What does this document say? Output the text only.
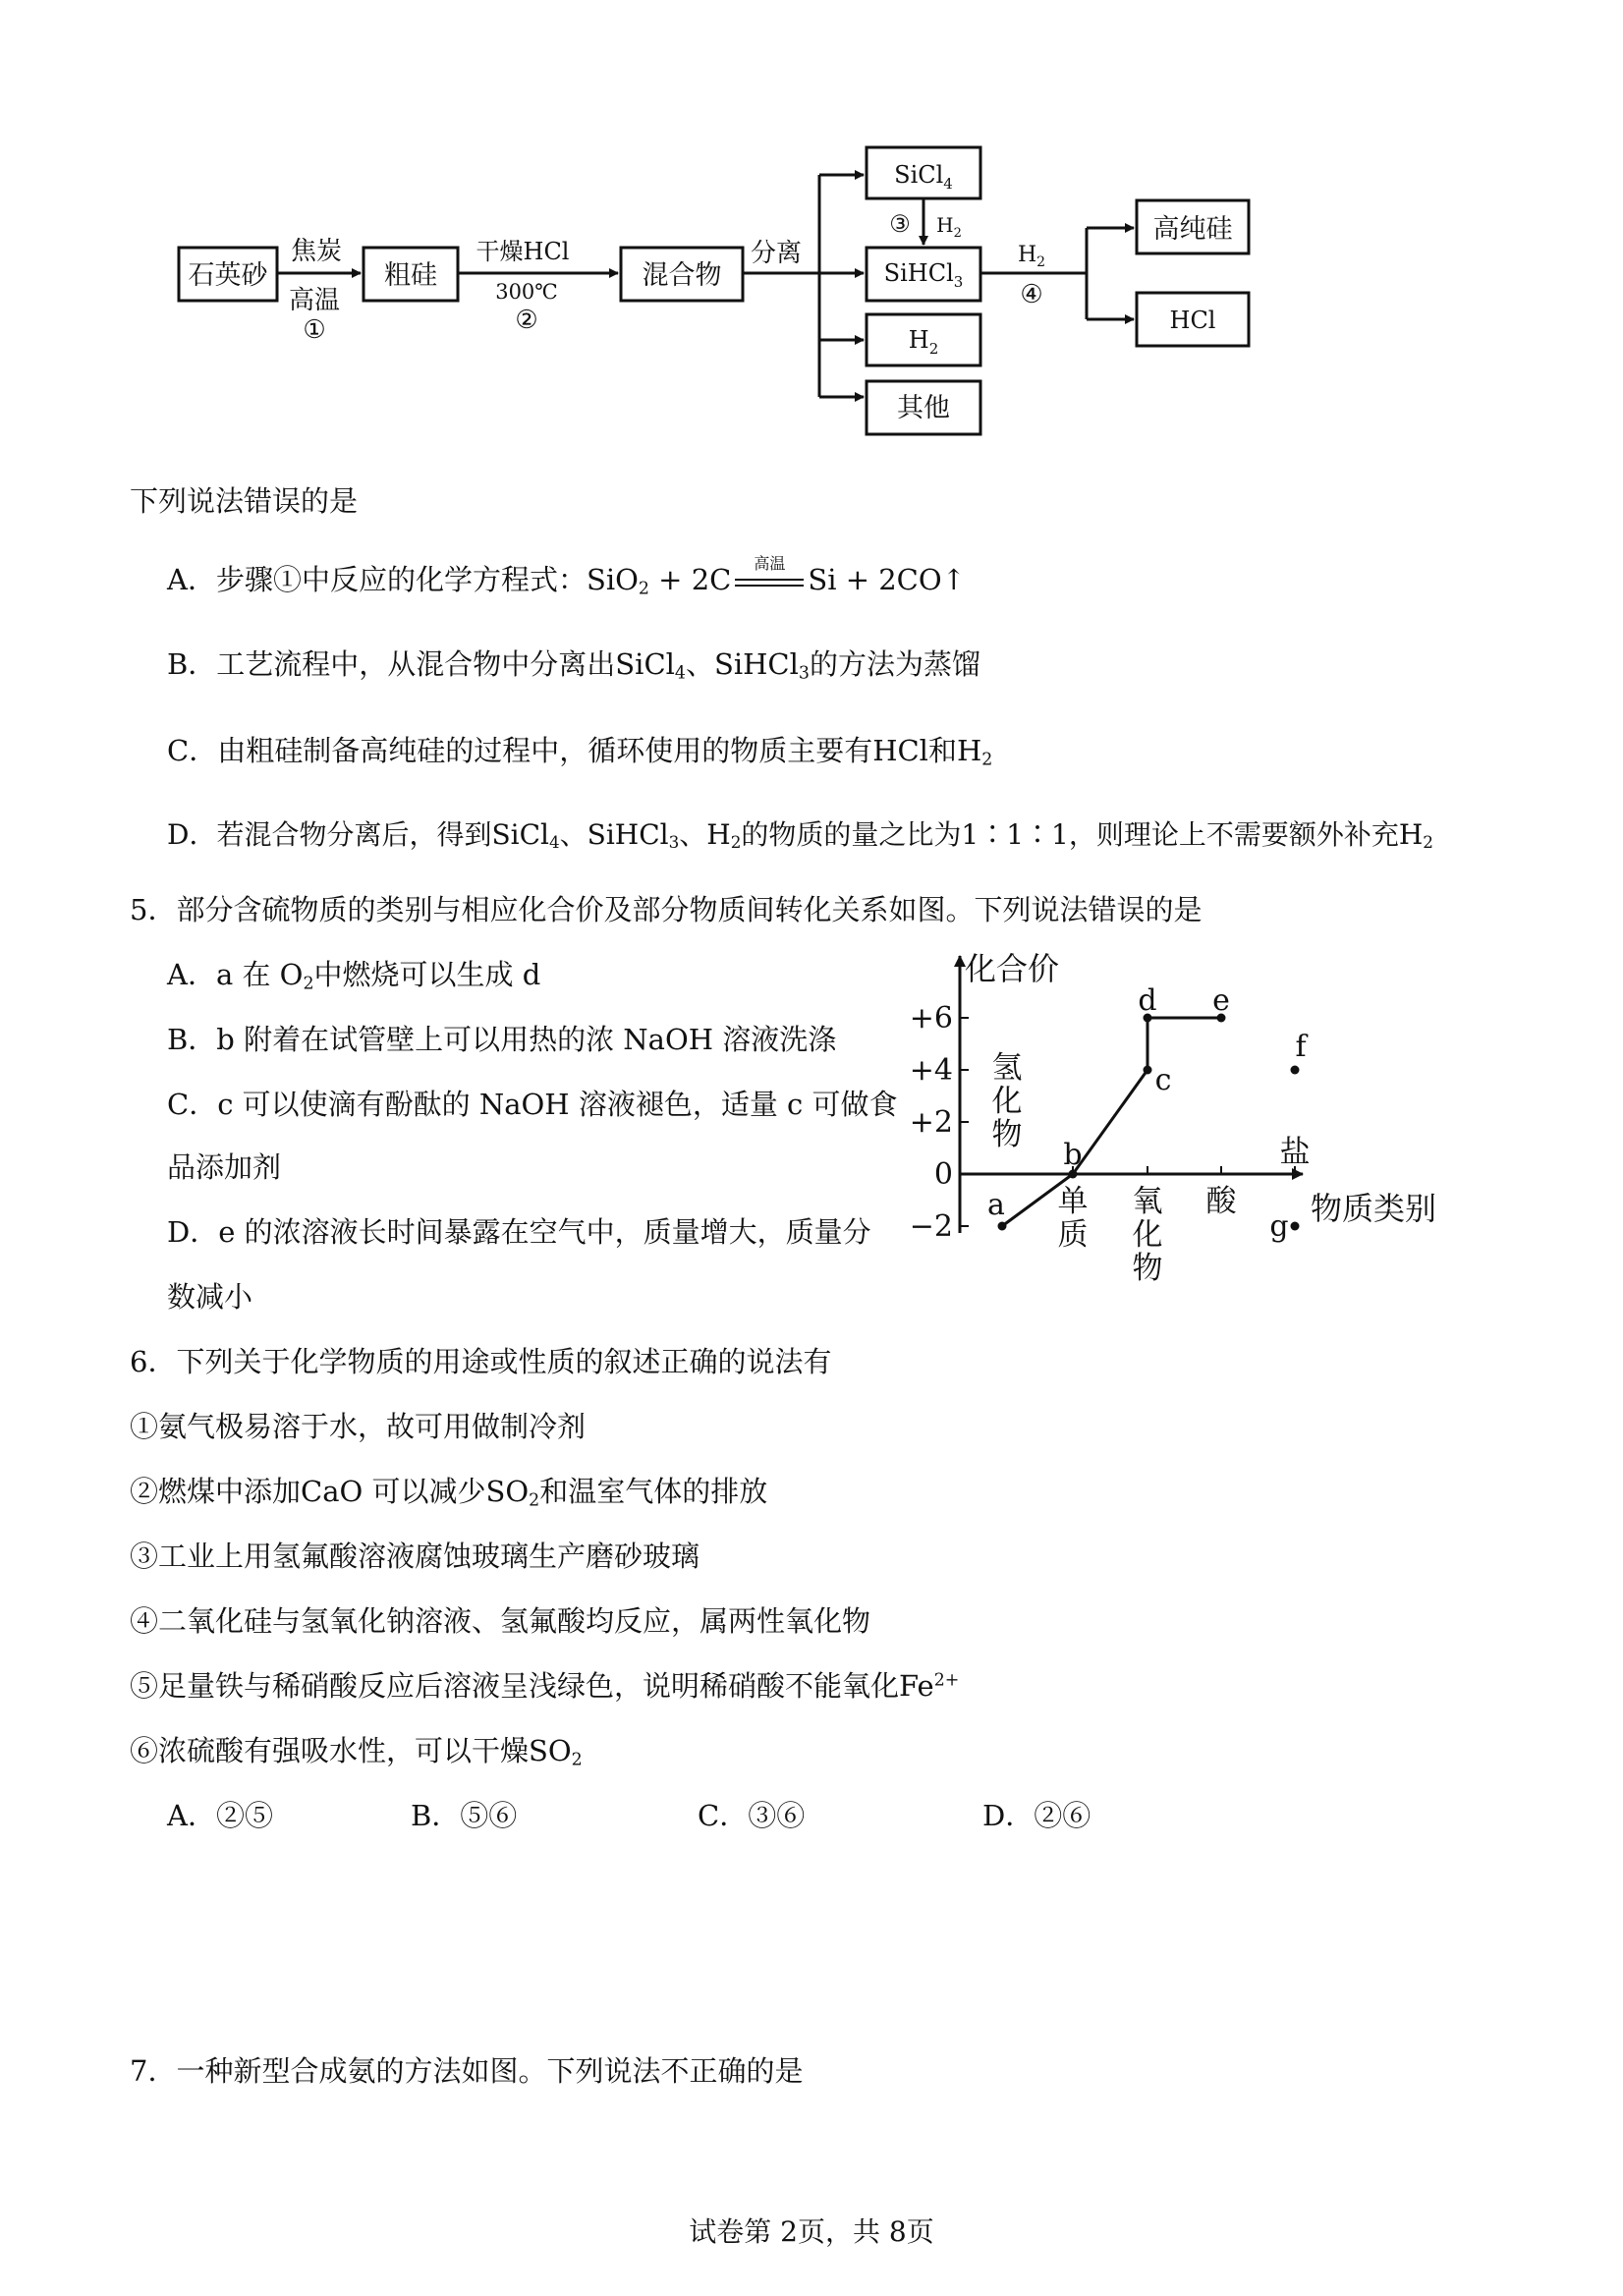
石英砂	粗硅	混合物
SiCl$_4$
SiHCl$_3$
$H_2$
其他
高纯硅
HCl
焦炭
高温
①
干燥HCl
300℃
②
分离
③ $H_2$
$H_2$
④
下列说法错误的是
A．步骤①中反应的化学方程式：SiO$_2$ + 2C	高温 Si + 2CO↑
B．工艺流程中，从混合物中分离出SiCl$_4$、SiHCl$_3$的方法为蒸馏
C．由粗硅制备高纯硅的过程中，循环使用的物质主要有HCl和$H_2$
D．若混合物分离后，得到SiCl$_4$、SiHCl$_3$、$H_2$的物质的量之比为1∶1∶1，则理论上不需要额外补充$H_2$
5．部分含硫物质的类别与相应化合价及部分物质间转化关系如图。下列说法错误的是
A．a 在 $O_2$中燃烧可以生成 d
B．b 附着在试管壁上可以用热的浓 NaOH 溶液洗涤
C．c 可以使滴有酚酞的 NaOH 溶液褪色，适量 c 可做食
品添加剂
D．e 的浓溶液长时间暴露在空气中，质量增大，质量分
数减小
化合价
物质类别
+6
+4
+2
0
−2
氢
化
物
单
质
氧
化
物
酸
盐
a
b
c
d e
f
g
6．下列关于化学物质的用途或性质的叙述正确的说法有
①氨气极易溶于水，故可用做制冷剂
②燃煤中添加CaO 可以减少$SO_2$和温室气体的排放
③工业上用氢氟酸溶液腐蚀玻璃生产磨砂玻璃
④二氧化硅与氢氧化钠溶液、氢氟酸均反应，属两性氧化物
⑤足量铁与稀硝酸反应后溶液呈浅绿色，说明稀硝酸不能氧化$Fe^{2+}$
⑥浓硫酸有强吸水性，可以干燥$SO_2$
A．②⑤	B．⑤⑥	C．③⑥	D．②⑥
7．一种新型合成氨的方法如图。下列说法不正确的是
试卷第 2页，共 8页
